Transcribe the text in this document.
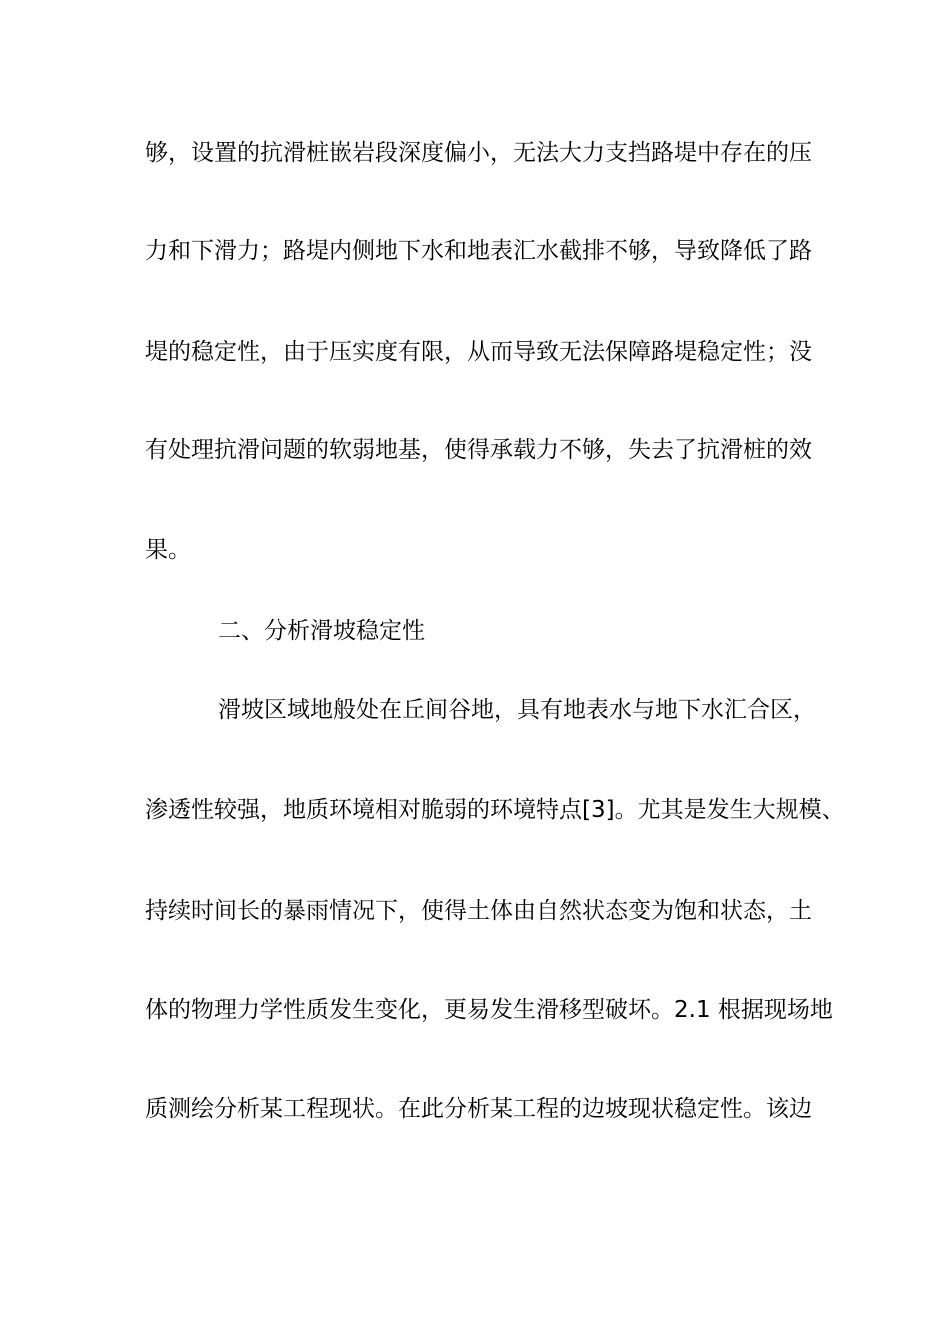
够，设置的抗滑桩嵌岩段深度偏小，无法大力支挡路堤中存在的压
力和下滑力；路堤内侧地下水和地表汇水截排不够，导致降低了路
堤的稳定性，由于压实度有限，从而导致无法保障路堤稳定性；没
有处理抗滑问题的软弱地基，使得承载力不够，失去了抗滑桩的效
果。
二、分析滑坡稳定性
滑坡区域地般处在丘间谷地，具有地表水与地下水汇合区，
渗透性较强，地质环境相对脆弱的环境特点[3]。尤其是发生大规模、
持续时间长的暴雨情况下，使得土体由自然状态变为饱和状态，土
体的物理力学性质发生变化，更易发生滑移型破坏。2.1 根据现场地
质测绘分析某工程现状。在此分析某工程的边坡现状稳定性。该边
